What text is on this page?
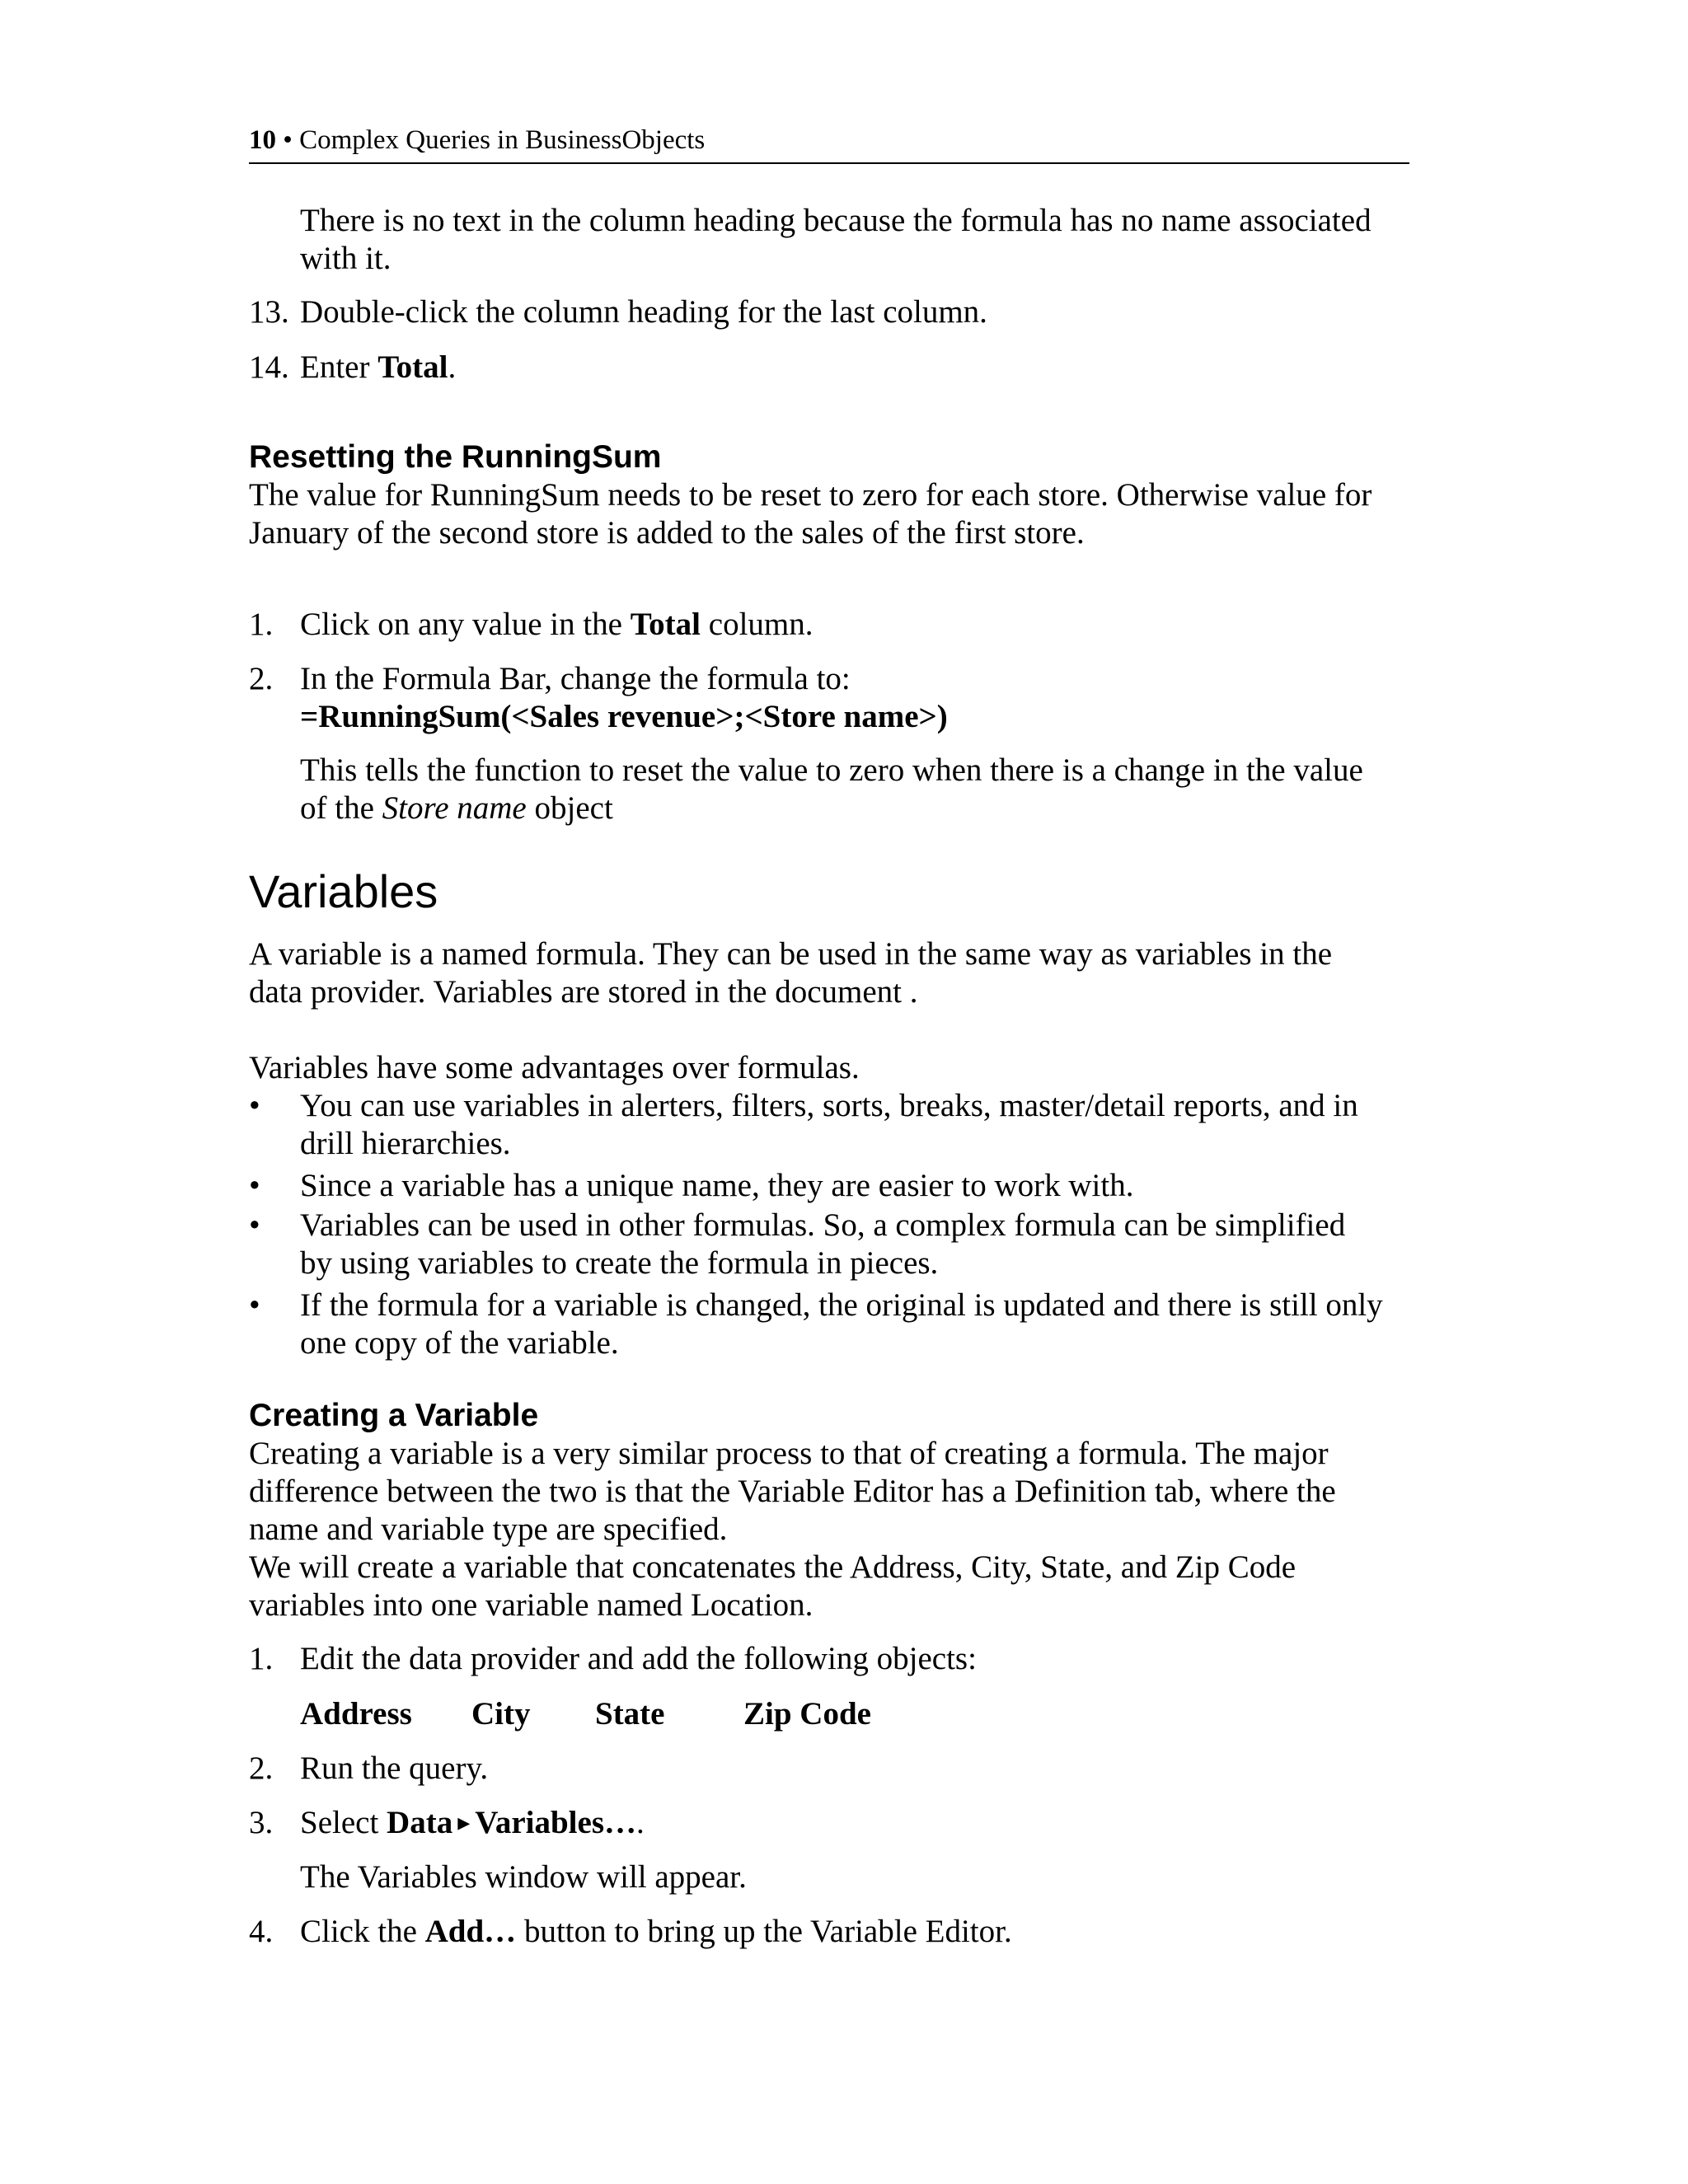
10 • Complex Queries in BusinessObjects

There is no text in the column heading because the formula has no name associated

with it.

13. Double-click the column heading for the last column.

14. Enter Total.

Resetting the RunningSum

The value for RunningSum needs to be reset to zero for each store. Otherwise value for

January of the second store is added to the sales of the first store.

1. Click on any value in the Total column.

2. In the Formula Bar, change the formula to:

=RunningSum(<Sales revenue>;<Store name>)

This tells the function to reset the value to zero when there is a change in the value

of the Store name object

Variables

A variable is a named formula. They can be used in the same way as variables in the

data provider. Variables are stored in the document .

Variables have some advantages over formulas.

• You can use variables in alerters, filters, sorts, breaks, master/detail reports, and in

drill hierarchies.

• Since a variable has a unique name, they are easier to work with.

• Variables can be used in other formulas. So, a complex formula can be simplified

by using variables to create the formula in pieces.

• If the formula for a variable is changed, the original is updated and there is still only

one copy of the variable.

Creating a Variable

Creating a variable is a very similar process to that of creating a formula. The major

difference between the two is that the Variable Editor has a Definition tab, where the

name and variable type are specified.

We will create a variable that concatenates the Address, City, State, and Zip Code

variables into one variable named Location.

1. Edit the data provider and add the following objects:

Address City State Zip Code

2. Run the query.

3. Select Data ▸ Variables….

The Variables window will appear.

4. Click the Add… button to bring up the Variable Editor.
